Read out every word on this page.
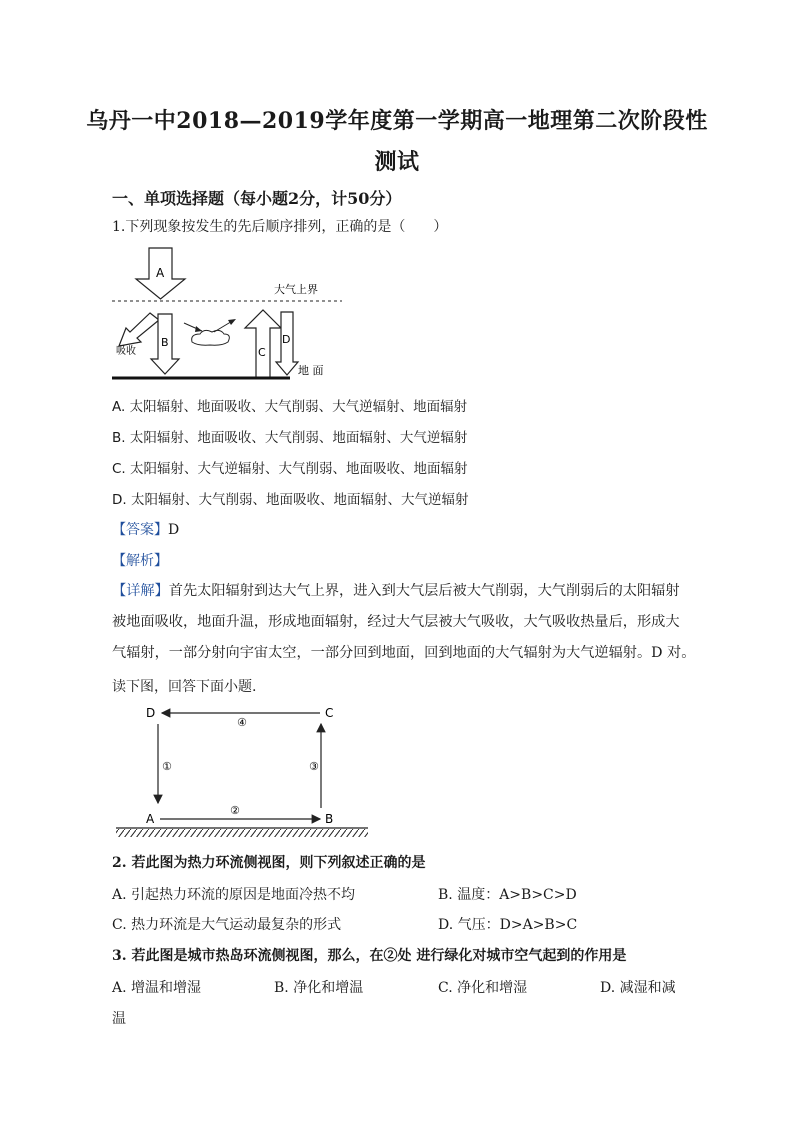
乌丹一中2018—2019学年度第一学期高一地理第二次阶段性
测试
一、单项选择题（每小题2分，计50分）
1.下列现象按发生的先后顺序排列，正确的是（　　）
A
吸收
B
C
D
大气上界
地 面
A. 太阳辐射、地面吸收、大气削弱、大气逆辐射、地面辐射
B. 太阳辐射、地面吸收、大气削弱、地面辐射、大气逆辐射
C. 太阳辐射、大气逆辐射、大气削弱、地面吸收、地面辐射
D. 太阳辐射、大气削弱、地面吸收、地面辐射、大气逆辐射
【答案】D
【解析】
【详解】首先太阳辐射到达大气上界，进入到大气层后被大气削弱，大气削弱后的太阳辐射
被地面吸收，地面升温，形成地面辐射，经过大气层被大气吸收，大气吸收热量后，形成大
气辐射，一部分射向宇宙太空，一部分回到地面，回到地面的大气辐射为大气逆辐射。D 对。
读下图，回答下面小题.
④
①
②
③
D	C
A	B
2. 若此图为热力环流侧视图，则下列叙述正确的是
A. 引起热力环流的原因是地面冷热不均	B. 温度：A>B>C>D
C. 热力环流是大气运动最复杂的形式	D. 气压：D>A>B>C
3. 若此图是城市热岛环流侧视图，那么，在②处 进行绿化对城市空气起到的作用是
A. 增温和增湿	B. 净化和增温	C. 净化和增湿	D. 减湿和减
温
